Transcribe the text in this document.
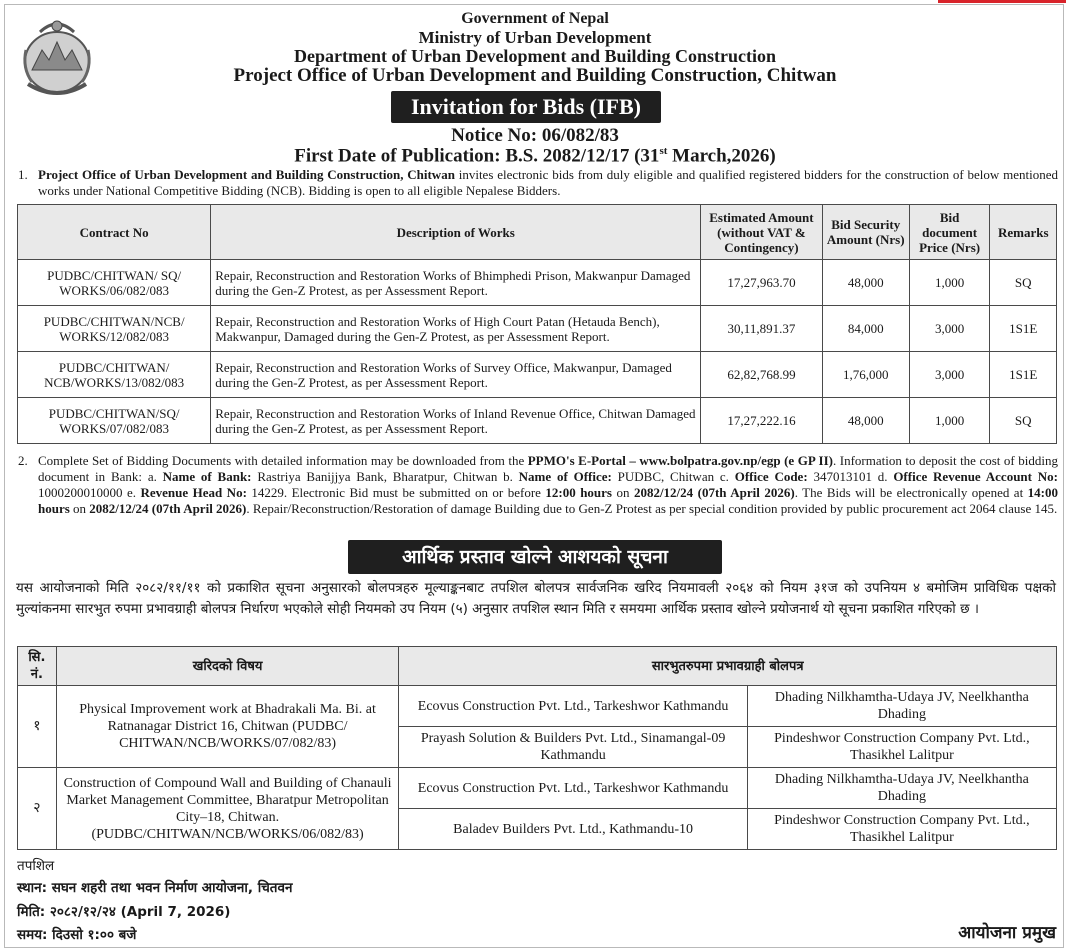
Government of Nepal
Ministry of Urban Development
Department of Urban Development and Building Construction
Project Office of Urban Development and Building Construction, Chitwan
Invitation for Bids (IFB)
Notice No: 06/082/83
First Date of Publication: B.S. 2082/12/17 (31st March,2026)
1. Project Office of Urban Development and Building Construction, Chitwan invites electronic bids from duly eligible and qualified registered bidders for the construction of below mentioned works under National Competitive Bidding (NCB). Bidding is open to all eligible Nepalese Bidders.
Contract No	Description of Works	Estimated Amount (without VAT & Contingency)	Bid Security Amount (Nrs)	Bid document Price (Nrs)	Remarks
PUDBC/CHITWAN/ SQ/ WORKS/06/082/083	Repair, Reconstruction and Restoration Works of Bhimphedi Prison, Makwanpur Damaged during the Gen-Z Protest, as per Assessment Report.	17,27,963.70	48,000	1,000	SQ
PUDBC/CHITWAN/NCB/ WORKS/12/082/083	Repair, Reconstruction and Restoration Works of High Court Patan (Hetauda Bench), Makwanpur, Damaged during the Gen-Z Protest, as per Assessment Report.	30,11,891.37	84,000	3,000	1S1E
PUDBC/CHITWAN/ NCB/WORKS/13/082/083	Repair, Reconstruction and Restoration Works of Survey Office, Makwanpur, Damaged during the Gen-Z Protest, as per Assessment Report.	62,82,768.99	1,76,000	3,000	1S1E
PUDBC/CHITWAN/SQ/ WORKS/07/082/083	Repair, Reconstruction and Restoration Works of Inland Revenue Office, Chitwan Damaged during the Gen-Z Protest, as per Assessment Report.	17,27,222.16	48,000	1,000	SQ
2. Complete Set of Bidding Documents with detailed information may be downloaded from the PPMO's E-Portal – www.bolpatra.gov.np/egp (e GP II). Information to deposit the cost of bidding document in Bank: a. Name of Bank: Rastriya Banijjya Bank, Bharatpur, Chitwan b. Name of Office: PUDBC, Chitwan c. Office Code: 347013101 d. Office Revenue Account No: 1000200010000 e. Revenue Head No: 14229. Electronic Bid must be submitted on or before 12:00 hours on 2082/12/24 (07th April 2026). The Bids will be electronically opened at 14:00 hours on 2082/12/24 (07th April 2026). Repair/Reconstruction/Restoration of damage Building due to Gen-Z Protest as per special condition provided by public procurement act 2064 clause 145.
आर्थिक प्रस्ताव खोल्ने आशयको सूचना
यस आयोजनाको मिति २०८२/११/११ को प्रकाशित सूचना अनुसारको बोलपत्रहरु मूल्याङ्कनबाट तपशिल बोलपत्र सार्वजनिक खरिद नियमावली २०६४ को नियम ३१ज को उपनियम ४ बमोजिम प्राविधिक पक्षको मुल्यांकनमा सारभुत रुपमा प्रभावग्राही बोलपत्र निर्धारण भएकोले सोही नियमको उप नियम (५) अनुसार तपशिल स्थान मिति र समयमा आर्थिक प्रस्ताव खोल्ने प्रयोजनार्थ यो सूचना प्रकाशित गरिएको छ ।
सि. नं.	खरिदको विषय	सारभुतरुपमा प्रभावग्राही बोलपत्र	
१	Physical Improvement work at Bhadrakali Ma. Bi. at Ratnanagar District 16, Chitwan (PUDBC/ CHITWAN/NCB/WORKS/07/082/83)	Ecovus Construction Pvt. Ltd., Tarkeshwor Kathmandu	Dhading Nilkhamtha-Udaya JV, Neelkhantha Dhading
		Prayash Solution & Builders Pvt. Ltd., Sinamangal-09 Kathmandu	Pindeshwor Construction Company Pvt. Ltd., Thasikhel Lalitpur
२	Construction of Compound Wall and Building of Chanauli Market Management Committee, Bharatpur Metropolitan City–18, Chitwan. (PUDBC/CHITWAN/NCB/WORKS/06/082/83)	Ecovus Construction Pvt. Ltd., Tarkeshwor Kathmandu	Dhading Nilkhamtha-Udaya JV, Neelkhantha Dhading
		Baladev Builders Pvt. Ltd., Kathmandu-10	Pindeshwor Construction Company Pvt. Ltd., Thasikhel Lalitpur
तपशिल
स्थान: सघन शहरी तथा भवन निर्माण आयोजना, चितवन
मिति: २०८२/१२/२४ (April 7, 2026)
समय: दिउसो १:०० बजे	आयोजना प्रमुख
